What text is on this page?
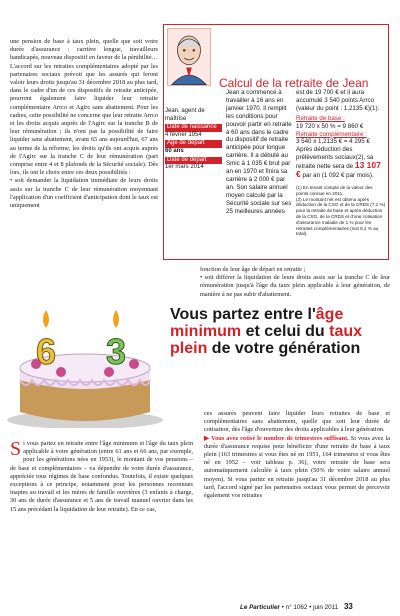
une pension de base à taux plein, quelle que soit votre durée d'assurance : carrière longue, travailleurs handicapés, nouveau dispositif en faveur de la pénibilité…

L'accord sur les retraites complémentaires adopté par les partenaires sociaux prévoit que les assurés qui feront valoir leurs droits jusqu'au 31 décembre 2018 au plus tard, dans le cadre d'un de ces dispositifs de retraite anticipée, pourront également faire liquider leur retraite complémentaire Arrco et Agirc sans abattement. Pour les cadres, cette possibilité ne concerne que leur retraite Arrco et les droits acquis auprès de l'Agirc sur la tranche B de leur rémunération ; ils n'ont pas la possibilité de faire liquider sans abattement, avant 65 ans aujourd'hui, 67 ans au terme de la réforme, les droits qu'ils ont acquis auprès de l'Agirc sur la tranche C de leur rémunération (part comprise entre 4 et 8 plafonds de la Sécurité sociale). Dès lors, ils ont le choix entre ces deux possibilités :

• soit demander la liquidation immédiate de leurs droits assis sur la tranche C de leur rémunération moyennant l'application d'un coefficient d'anticipation dont le taux est uniquement

fonction de leur âge de départ en retraite ;

• soit différer la liquidation de leurs droits assis sur la tranche C de leur rémunération jusqu'à l'âge du taux plein applicable à leur génération, de manière à ne pas subir d'abattement.

Calcul de la retraite de Jean
Jean, agent de maîtrise
Date de naissance
4 février 1954
Âge de départ
60 ans
Date de départ
1er mars 2014
Jean a commencé à travailler à 16 ans en janvier 1970. Il remplit les conditions pour pouvoir partir en retraite à 60 ans dans le cadre du dispositif de retraite anticipée pour longue carrière. Il a débuté au Smic à 1 035 € brut par an en 1970 et finira sa carrière à 2 000 € par an. Son salaire annuel moyen calculé par la Sécurité sociale sur ses 25 meilleures années
est de 19 700 € et il aura accumulé 3 540 points Arrco (valeur du point : 1,2135 €)(1).
Retraite de base :
19 720 x 50 % = 9 860 €
Retraite complémentaire :
3 540 x 1,2135 € = 4 295 €
Après déduction des prélèvements sociaux(2), sa retraite nette sera de 13 107 € par an (1 092 € par mois).
(1) En tenant compte de la valeur des points connue en 2011.
(2) Le montant net est obtenu après déduction de la CSG et de la CRDS (7,1 %) pour la retraite de base et après déduction de la CSG, de la CRDS et d'une cotisation d'assurance maladie de 1 % pour les retraites complémentaires (soit 8,1 % au total).
6 3
Vous partez entre l'âge minimum et celui du taux plein de votre génération
Si vous partez en retraite entre l'âge minimum et l'âge du taux plein applicable à votre génération (entre 61 ans et 66 ans, par exemple, pour les générations nées en 1953), le montant de vos pensions – de base et complémentaires – va dépendre de votre durée d'assurance, appréciée tous régimes de base confondus. Toutefois, il existe quelques exceptions à ce principe, notamment pour les personnes reconnues inaptes au travail et les mères de famille ouvrières (3 enfants à charge, 30 ans de durée d'assurance et 5 ans de travail manuel ouvrier dans les 15 ans précédant la liquidation de leur retraite). En ce cas,

ces assurés peuvent faire liquider leurs retraites de base et complémentaires sans abattement, quelle que soit leur durée de cotisation, dès l'âge d'ouverture des droits applicables à leur génération.

▶ Vous avez cotisé le nombre de trimestres suffisant. Si vous avez la durée d'assurance requise pour bénéficier d'une retraite de base à taux plein (163 trimestres si vous êtes né en 1951, 164 trimestres si vous êtes né en 1952 – voir tableau p. 36), votre retraite de base sera automatiquement calculée à taux plein (50% de votre salaire annuel moyen). Si vous partez en retraite jusqu'au 31 décembre 2018 au plus tard, l'accord signé par les partenaires sociaux vous permet de percevoir également vos retraites

Le Particulier • n° 1062 • juin 2011 33
